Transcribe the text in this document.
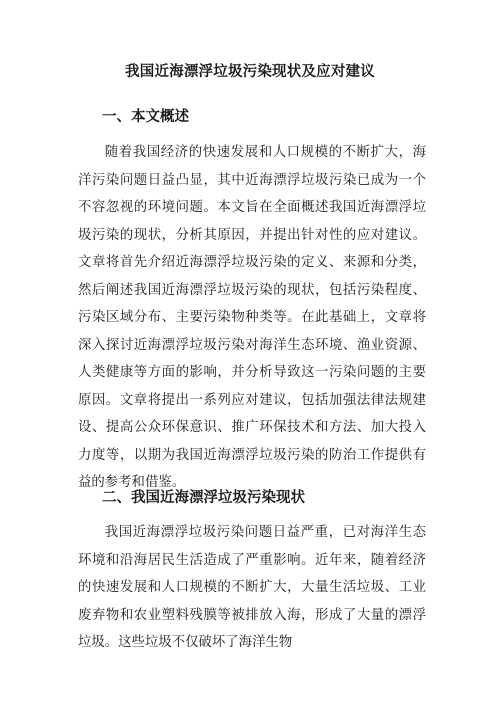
我国近海漂浮垃圾污染现状及应对建议
一、本文概述

随着我国经济的快速发展和人口规模的不断扩大，海洋污染问题日益凸显，其中近海漂浮垃圾污染已成为一个不容忽视的环境问题。本文旨在全面概述我国近海漂浮垃圾污染的现状，分析其原因，并提出针对性的应对建议。文章将首先介绍近海漂浮垃圾污染的定义、来源和分类，然后阐述我国近海漂浮垃圾污染的现状，包括污染程度、污染区域分布、主要污染物种类等。在此基础上，文章将深入探讨近海漂浮垃圾污染对海洋生态环境、渔业资源、人类健康等方面的影响，并分析导致这一污染问题的主要原因。文章将提出一系列应对建议，包括加强法律法规建设、提高公众环保意识、推广环保技术和方法、加大投入力度等，以期为我国近海漂浮垃圾污染的防治工作提供有益的参考和借鉴。

二、我国近海漂浮垃圾污染现状

我国近海漂浮垃圾污染问题日益严重，已对海洋生态环境和沿海居民生活造成了严重影响。近年来，随着经济的快速发展和人口规模的不断扩大，大量生活垃圾、工业废弃物和农业塑料残膜等被排放入海，形成了大量的漂浮垃圾。这些垃圾不仅破坏了海洋生物
